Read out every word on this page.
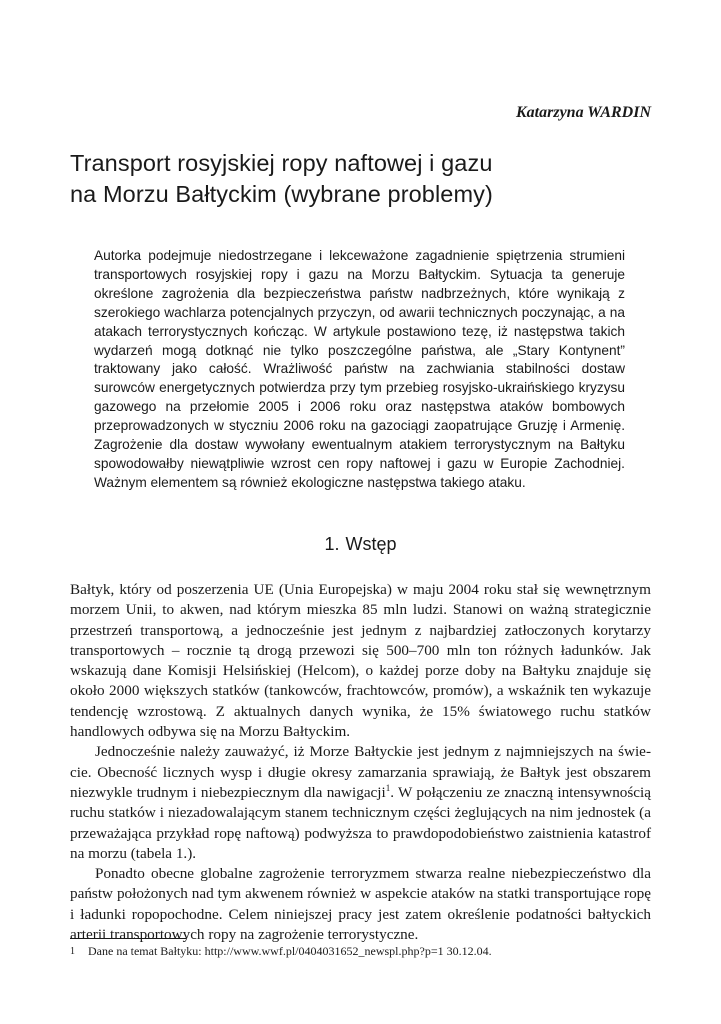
Katarzyna WARDIN

Transport rosyjskiej ropy naftowej i gazu
na Morzu Bałtyckim (wybrane problemy)

Autorka podejmuje niedostrzegane i lekceważone zagadnienie spiętrzenia strumieni transportowych rosyjskiej ropy i gazu na Morzu Bałtyckim. Sytuacja ta generuje określone zagrożenia dla bezpieczeństwa państw nadbrzeżnych, które wynikają z szerokiego wachlarza potencjalnych przyczyn, od awarii technicznych poczynając, a na atakach terrorystycznych kończąc. W artykule postawiono tezę, iż następstwa takich wydarzeń mogą dotknąć nie tylko poszczególne państwa, ale „Stary Kontynent” traktowany jako całość. Wrażliwość państw na zachwiania stabilności dostaw surowców energetycznych potwierdza przy tym przebieg rosyjsko-ukraińskiego kryzysu gazowego na przełomie 2005 i 2006 roku oraz następstwa ataków bombowych przeprowadzonych w styczniu 2006 roku na gazociągi zaopatrujące Gruzję i Armenię. Zagrożenie dla dostaw wywołany ewentualnym atakiem terrorystycznym na Bałtyku spowodowałby niewątpliwie wzrost cen ropy naftowej i gazu w Europie Zachodniej. Ważnym elementem są również ekologiczne następstwa takiego ataku.

1. Wstęp

Bałtyk, który od poszerzenia UE (Unia Europejska) w maju 2004 roku stał się wewnętrznym morzem Unii, to akwen, nad którym mieszka 85 mln ludzi. Stanowi on ważną strategicznie przestrzeń transportową, a jednocześnie jest jednym z najbardziej zatłoczonych korytarzy transportowych – rocznie tą drogą przewozi się 500–700 mln ton różnych ładunków. Jak wskazują dane Komisji Helsińskiej (Helcom), o każdej porze doby na Bałtyku znajduje się około 2000 większych statków (tankowców, frachtowców, promów), a wskaźnik ten wykazuje tendencję wzrostową. Z aktualnych danych wynika, że 15% światowego ruchu statków handlowych odbywa się na Morzu Bałtyckim.

Jednocześnie należy zauważyć, iż Morze Bałtyckie jest jednym z najmniejszych na świecie. Obecność licznych wysp i długie okresy zamarzania sprawiają, że Bałtyk jest obszarem niezwykle trudnym i niebezpiecznym dla nawigacji$^1$. W połączeniu ze znaczną intensywnością ruchu statków i niezadowalającym stanem technicznym części żeglujących na nim jednostek (a przeważająca przykład ropę naftową) podwyższa to prawdopodobieństwo zaistnienia katastrof na morzu (tabela 1.).

Ponadto obecne globalne zagrożenie terroryzmem stwarza realne niebezpieczeństwo dla państw położonych nad tym akwenem również w aspekcie ataków na statki transportujące ropę i ładunki ropopochodne. Celem niniejszej pracy jest zatem określenie podatności bałtyckich arterii transportowych ropy na zagrożenie terrorystyczne.

1 Dane na temat Bałtyku: http://www.wwf.pl/0404031652_newspl.php?p=1 30.12.04.
